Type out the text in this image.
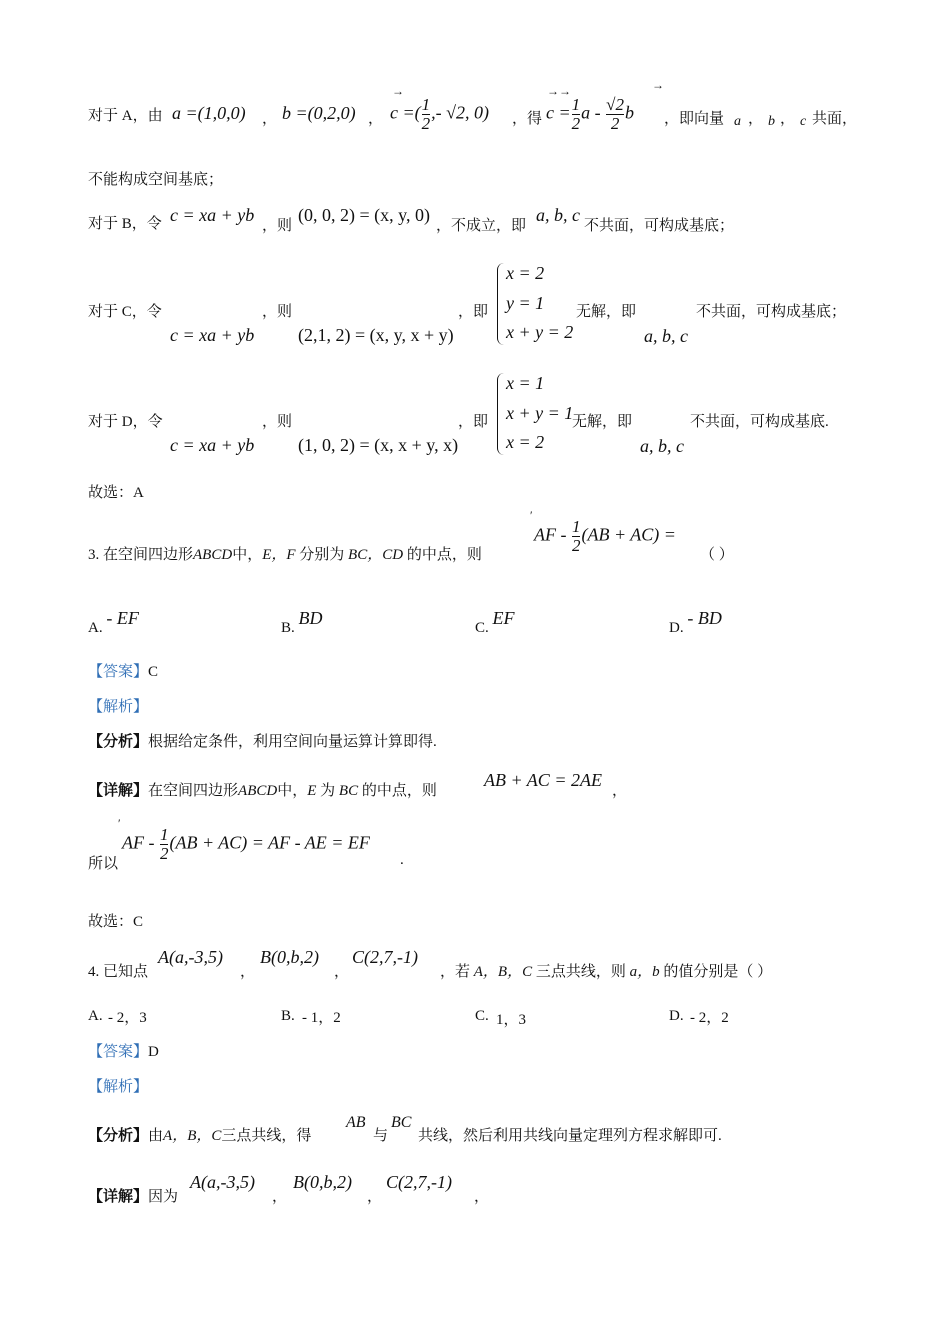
对于 A，由 a =(1,0,0) ， b =(0,2,0) ，
→
c =( $\frac{1}{2}$ ,- √2, 0) ，得
→→
$c = \frac{1}{2}$ a - $\frac{√2}{2}$ b
→
，即向量 a ， b ， c 共面，
不能构成空间基底；
对于 B，令 c = xa + yb
，则
(0, 0, 2) = (x, y, 0)
，不成立，即
a, b, c
不共面，可构成基底；
对于 C，令	，则	，即	无解，即	不共面，可构成基底；
c = xa + yb (2,1, 2) = (x, y, x + y)
x = 2
y = 1
x + y = 2	a, b, c
对于 D，令	，则	，即	无解，即	不共面，可构成基底.
c = xa + yb (1, 0, 2) = (x, x + y, x)
x = 1
x + y = 1
x = 2	a, b, c
故选：A
3. 在空间四边形ABCD中，E，F 分别为 BC，CD 的中点，则
′
AF - $\frac{1}{2} (AB + AC)$ =
（ ）
A. - EF	B. BD	C. EF	D. - BD
【答案】C
【解析】
【分析】根据给定条件，利用空间向量运算计算即得.
【详解】在空间四边形ABCD中，E 为 BC 的中点，则
AB + AC = 2AE
，
所以
′
AF - $\frac{1}{2} (AB + AC)$ = AF - AE = EF
.
故选：C
4. 已知点
A(a,-3,5)
，
B(0,b,2)
，
C(2,7,-1)
，若 A，B，C 三点共线，则 a，b 的值分别是（ ）
A. - 2，3	B. - 1，2	C. 1，3	D. - 2，2
【答案】D
【解析】
【分析】由A，B，C三点共线，得
AB
与
BC
共线，然后利用共线向量定理列方程求解即可.
【详解】因为
A(a,-3,5)
，
B(0,b,2)
，
C(2,7,-1)
，
